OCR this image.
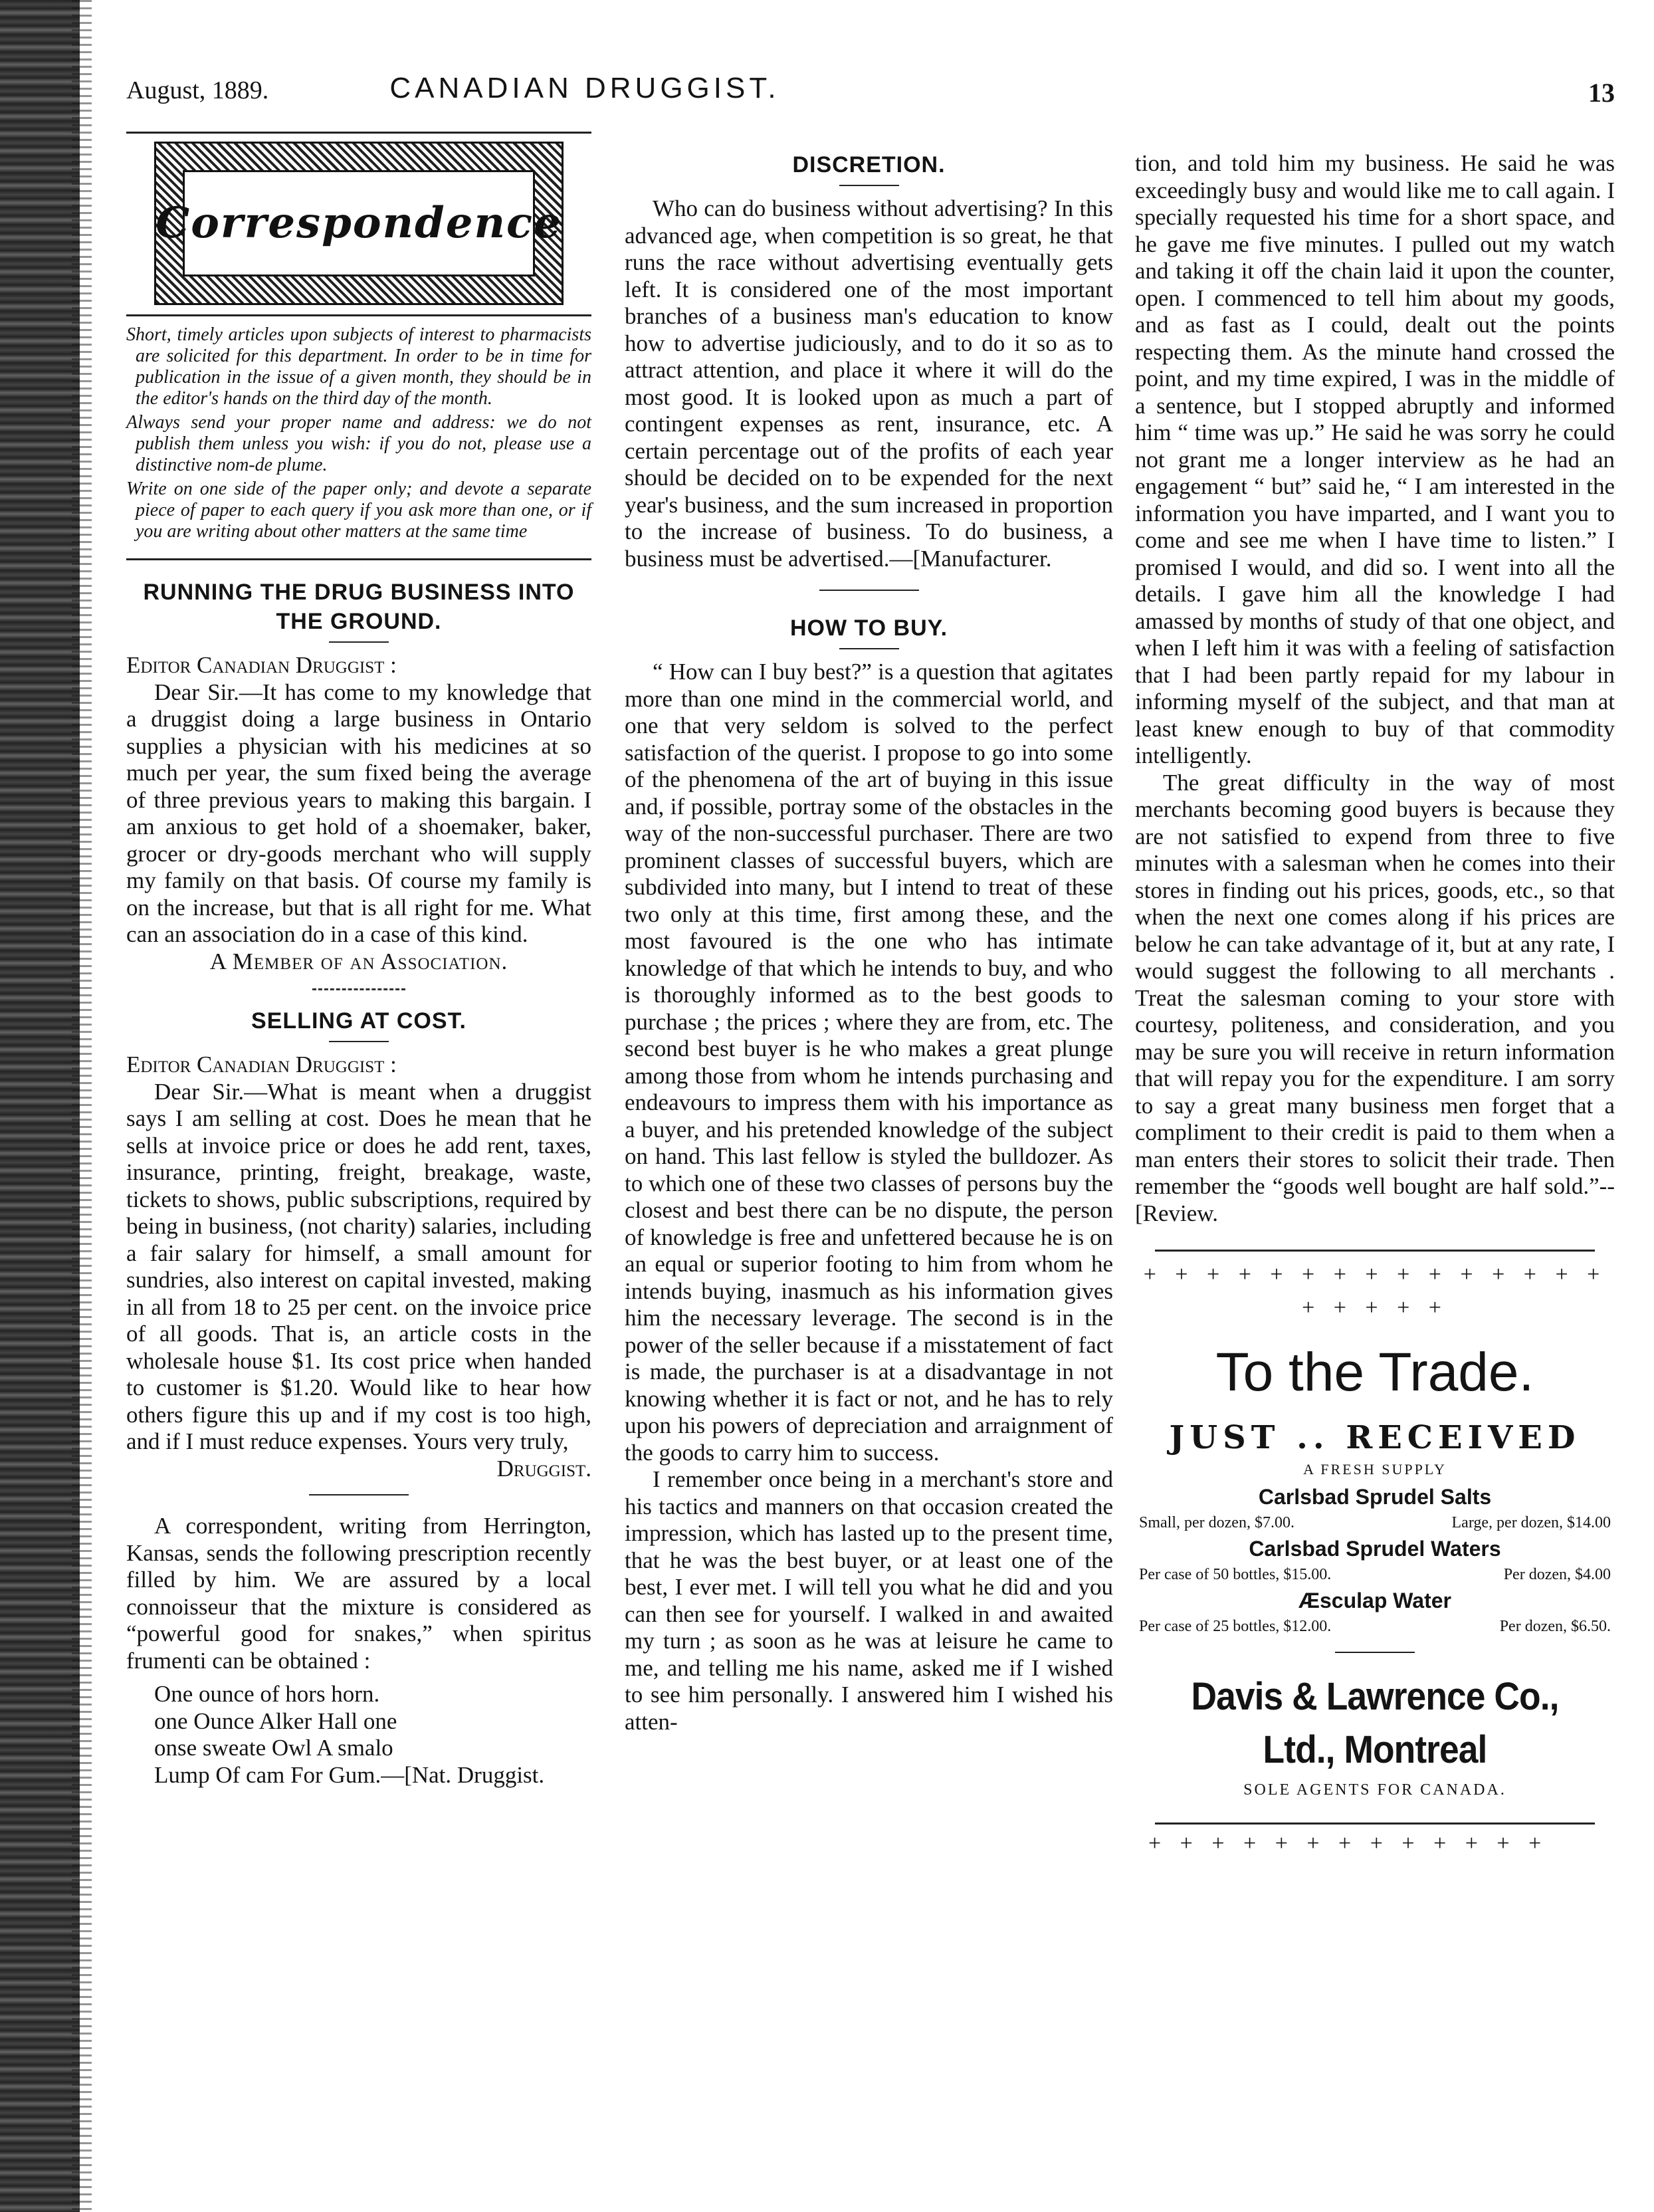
August, 1889.	CANADIAN DRUGGIST.	13
Correspondence

Short, timely articles upon subjects of interest to pharmacists are solicited for this department. In order to be in time for publication in the issue of a given month, they should be in the editor's hands on the third day of the month.

Always send your proper name and address: we do not publish them unless you wish: if you do not, please use a distinctive nom-de plume.

Write on one side of the paper only; and devote a separate piece of paper to each query if you ask more than one, or if you are writing about other matters at the same time

RUNNING THE DRUG BUSINESS INTO THE GROUND.

Editor Canadian Druggist :

Dear Sir.—It has come to my knowledge that a druggist doing a large business in Ontario supplies a physician with his medicines at so much per year, the sum fixed being the average of three previous years to making this bargain. I am anxious to get hold of a shoemaker, baker, grocer or dry-goods merchant who will supply my family on that basis. Of course my family is on the increase, but that is all right for me. What can an association do in a case of this kind.

A Member of an Association.

SELLING AT COST.

Editor Canadian Druggist :

Dear Sir.—What is meant when a druggist says I am selling at cost. Does he mean that he sells at invoice price or does he add rent, taxes, insurance, printing, freight, breakage, waste, tickets to shows, public subscriptions, required by being in business, (not charity) salaries, including a fair salary for himself, a small amount for sundries, also interest on capital invested, making in all from 18 to 25 per cent. on the invoice price of all goods. That is, an article costs in the wholesale house $1. Its cost price when handed to customer is $1.20. Would like to hear how others figure this up and if my cost is too high, and if I must reduce expenses. Yours very truly,

Druggist.

A correspondent, writing from Herrington, Kansas, sends the following prescription recently filled by him. We are assured by a local connoisseur that the mixture is considered as “powerful good for snakes,” when spiritus frumenti can be obtained :

One ounce of hors horn.

one Ounce Alker Hall one

onse sweate Owl A smalo

Lump Of cam For Gum.—[Nat. Druggist.

DISCRETION.

Who can do business without advertising? In this advanced age, when competition is so great, he that runs the race without advertising eventually gets left. It is considered one of the most important branches of a business man's education to know how to advertise judiciously, and to do it so as to attract attention, and place it where it will do the most good. It is looked upon as much a part of contingent expenses as rent, insurance, etc. A certain percentage out of the profits of each year should be decided on to be expended for the next year's business, and the sum increased in proportion to the increase of business. To do business, a business must be advertised.—[Manufacturer.

HOW TO BUY.

“ How can I buy best?” is a question that agitates more than one mind in the commercial world, and one that very seldom is solved to the perfect satisfaction of the querist. I propose to go into some of the phenomena of the art of buying in this issue and, if possible, portray some of the obstacles in the way of the non-successful purchaser. There are two prominent classes of successful buyers, which are subdivided into many, but I intend to treat of these two only at this time, first among these, and the most favoured is the one who has intimate knowledge of that which he intends to buy, and who is thoroughly informed as to the best goods to purchase ; the prices ; where they are from, etc. The second best buyer is he who makes a great plunge among those from whom he intends purchasing and endeavours to impress them with his importance as a buyer, and his pretended knowledge of the subject on hand. This last fellow is styled the bulldozer. As to which one of these two classes of persons buy the closest and best there can be no dispute, the person of knowledge is free and unfettered because he is on an equal or superior footing to him from whom he intends buying, inasmuch as his information gives him the necessary leverage. The second is in the power of the seller because if a misstatement of fact is made, the purchaser is at a disadvantage in not knowing whether it is fact or not, and he has to rely upon his powers of depreciation and arraignment of the goods to carry him to success.

I remember once being in a merchant's store and his tactics and manners on that occasion created the impression, which has lasted up to the present time, that he was the best buyer, or at least one of the best, I ever met. I will tell you what he did and you can then see for yourself. I walked in and awaited my turn ; as soon as he was at leisure he came to me, and telling me his name, asked me if I wished to see him personally. I answered him I wished his atten-

tion, and told him my business. He said he was exceedingly busy and would like me to call again. I specially requested his time for a short space, and he gave me five minutes. I pulled out my watch and taking it off the chain laid it upon the counter, open. I commenced to tell him about my goods, and as fast as I could, dealt out the points respecting them. As the minute hand crossed the point, and my time expired, I was in the middle of a sentence, but I stopped abruptly and informed him “ time was up.” He said he was sorry he could not grant me a longer interview as he had an engagement “ but” said he, “ I am interested in the information you have imparted, and I want you to come and see me when I have time to listen.” I promised I would, and did so. I went into all the details. I gave him all the knowledge I had amassed by months of study of that one object, and when I left him it was with a feeling of satisfaction that I had been partly repaid for my labour in informing myself of the subject, and that man at least knew enough to buy of that commodity intelligently.

The great difficulty in the way of most merchants becoming good buyers is because they are not satisfied to expend from three to five minutes with a salesman when he comes into their stores in finding out his prices, goods, etc., so that when the next one comes along if his prices are below he can take advantage of it, but at any rate, I would suggest the following to all merchants . Treat the salesman coming to your store with courtesy, politeness, and consideration, and you may be sure you will receive in return information that will repay you for the expenditure. I am sorry to say a great many business men forget that a compliment to their credit is paid to them when a man enters their stores to solicit their trade. Then remember the “goods well bought are half sold.”--[Review.

+ + + + + + + + + + + + + + + + + + + +
To the Trade.
JUST .. RECEIVED
A FRESH SUPPLY
Carlsbad Sprudel Salts
Small, per dozen, $7.00.	Large, per dozen, $14.00
Carlsbad Sprudel Waters
Per case of 50 bottles, $15.00.	Per dozen, $4.00
Æsculap Water
Per case of 25 bottles, $12.00.	Per dozen, $6.50.
Davis & Lawrence Co., Ltd., Montreal
SOLE AGENTS FOR CANADA.
+ + + + + + + + + + + + +
